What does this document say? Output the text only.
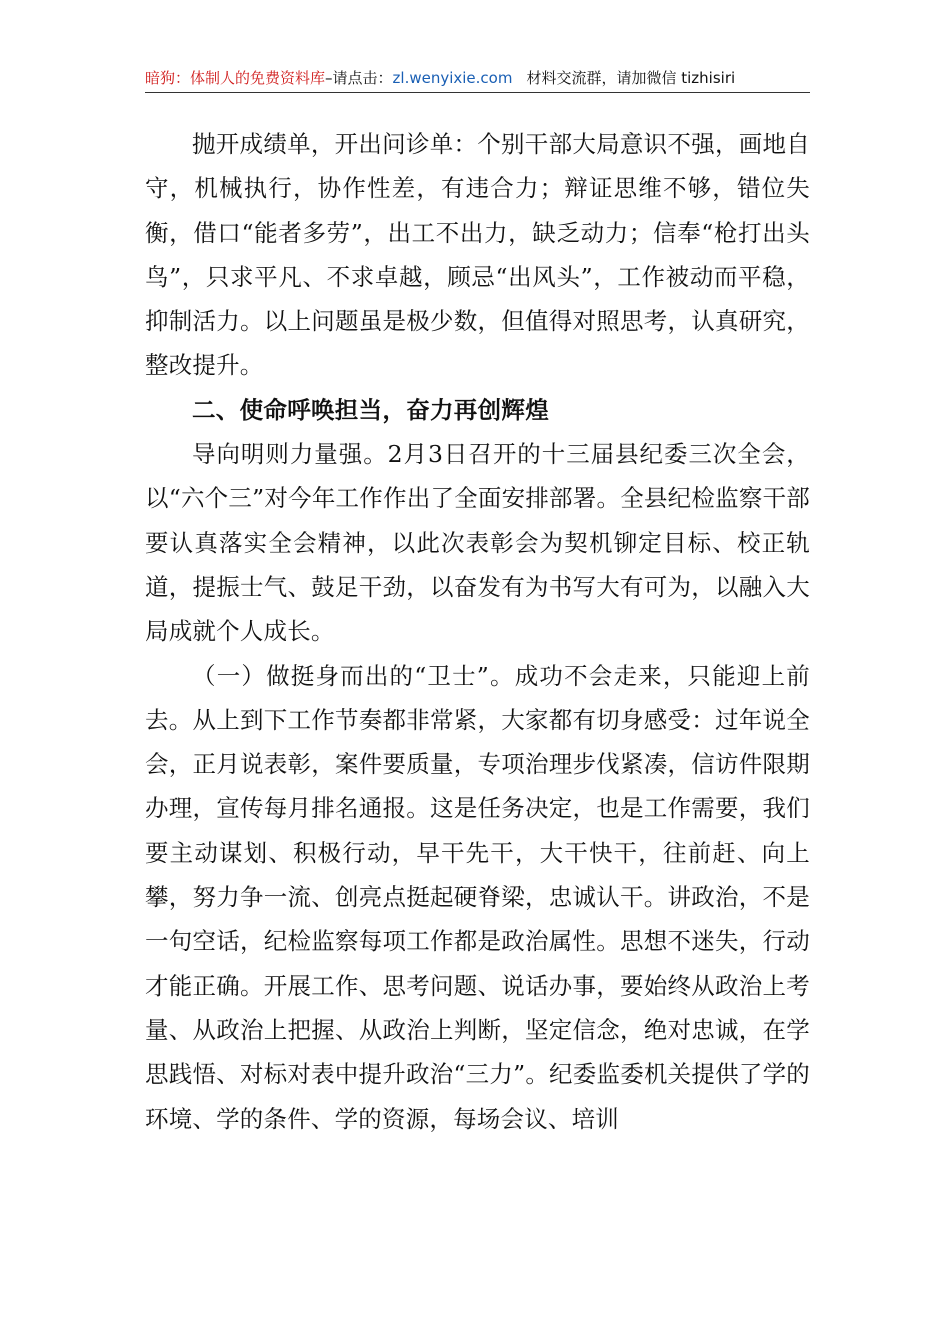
暗狗：体制人的免费资料库–请点击：zl.wenyixie.com 材料交流群，请加微信 tizhisiri

抛开成绩单，开出问诊单：个别干部大局意识不强，画地自守，机械执行，协作性差，有违合力；辩证思维不够，错位失衡，借口“能者多劳”，出工不出力，缺乏动力；信奉“枪打出头鸟”，只求平凡、不求卓越，顾忌“出风头”，工作被动而平稳，抑制活力。以上问题虽是极少数，但值得对照思考，认真研究，整改提升。

二、使命呼唤担当，奋力再创辉煌

导向明则力量强。2月3日召开的十三届县纪委三次全会，以“六个三”对今年工作作出了全面安排部署。全县纪检监察干部要认真落实全会精神，以此次表彰会为契机铆定目标、校正轨道，提振士气、鼓足干劲，以奋发有为书写大有可为，以融入大局成就个人成长。

（一）做挺身而出的“卫士”。成功不会走来，只能迎上前去。从上到下工作节奏都非常紧，大家都有切身感受：过年说全会，正月说表彰，案件要质量，专项治理步伐紧凑，信访件限期办理，宣传每月排名通报。这是任务决定，也是工作需要，我们要主动谋划、积极行动，早干先干，大干快干，往前赶、向上攀，努力争一流、创亮点挺起硬脊梁，忠诚认干。讲政治，不是一句空话，纪检监察每项工作都是政治属性。思想不迷失，行动才能正确。开展工作、思考问题、说话办事，要始终从政治上考量、从政治上把握、从政治上判断，坚定信念，绝对忠诚，在学思践悟、对标对表中提升政治“三力”。纪委监委机关提供了学的环境、学的条件、学的资源，每场会议、培训
